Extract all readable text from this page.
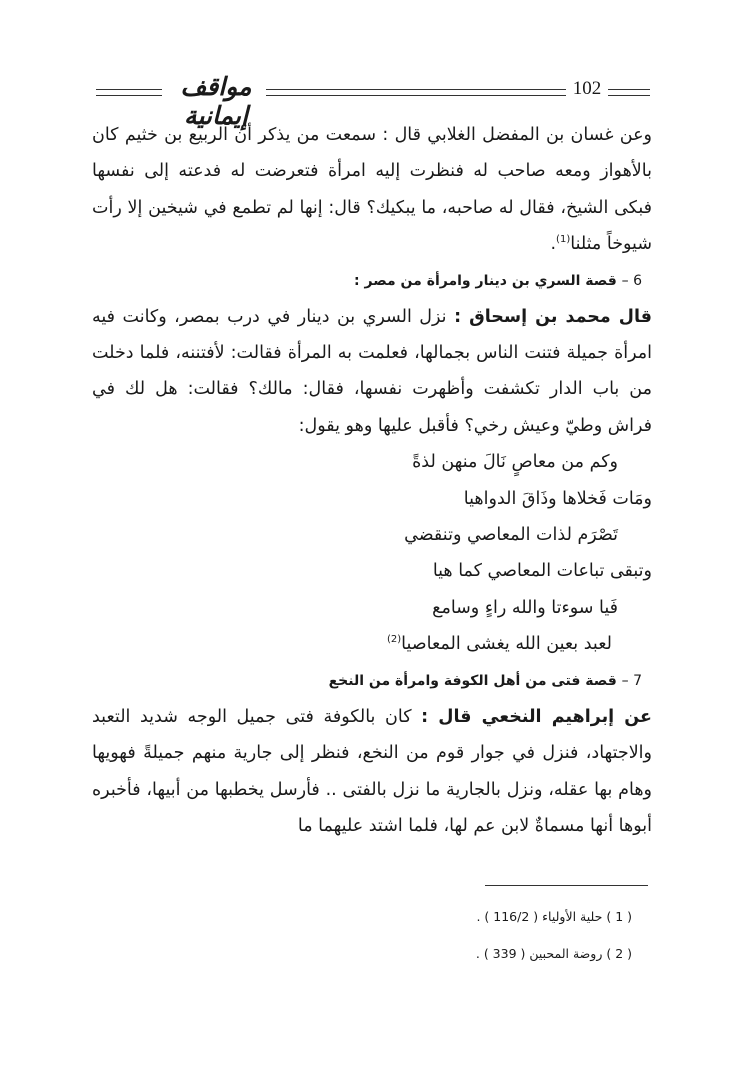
مواقف إيمانية
102

وعن غسان بن المفضل الغلابي قال : سمعت من يذكر أن الربيع بن خثيم كان بالأهواز ومعه صاحب له فنظرت إليه امرأة فتعرضت له فدعته إلى نفسها فبكى الشيخ، فقال له صاحبه، ما يبكيك؟ قال: إنها لم تطمع في شيخين إلا رأت شيوخاً مثلنا$^{(1)}$.

6 – قصة السري بن دينار وامرأة من مصر :

قال محمد بن إسحاق : نزل السري بن دينار في درب بمصر، وكانت فيه امرأة جميلة فتنت الناس بجمالها، فعلمت به المرأة فقالت: لأفتننه، فلما دخلت من باب الدار تكشفت وأظهرت نفسها، فقال: مالك؟ فقالت: هل لك في فراش وطيّ وعيش رخي؟ فأقبل عليها وهو يقول:

وكم من معاصٍ نَالَ منهن لذةً

ومَات فَخلاها وذَاقَ الدواهيا

تَصْرَم لذات المعاصي وتنقضي

وتبقى تباعات المعاصي كما هيا

فَيا سوءتا والله راءٍ وسامع

لعبد بعين الله يغشى المعاصيا$^{(2)}$

7 – قصة فتى من أهل الكوفة وامرأة من النخع

عن إبراهيم النخعي قال : كان بالكوفة فتى جميل الوجه شديد التعبد والاجتهاد، فنزل في جوار قوم من النخع، فنظر إلى جارية منهم جميلةً فهويها وهام بها عقله، ونزل بالجارية ما نزل بالفتى .. فأرسل يخطبها من أبيها، فأخبره أبوها أنها مسماةٌ لابن عم لها، فلما اشتد عليهما ما

( 1 ) حلية الأولياء ( 116/2 ) .

( 2 ) روضة المحبين ( 339 ) .
